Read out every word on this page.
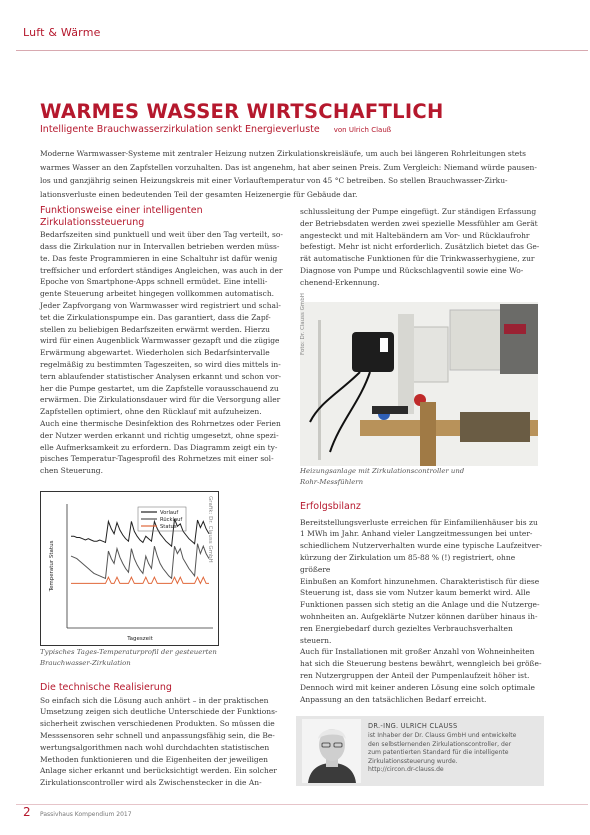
Luft & Wärme
WARMES WASSER WIRTSCHAFTLICH
Intelligente Brauchwasserzirkulation senkt Energieverluste von Ulrich Clauß
Moderne Warmwasser-Systeme mit zentraler Heizung nutzen Zirkulationskreisläufe, um auch bei längeren Rohrleitungen stets
warmes Wasser an den Zapfstellen vorzuhalten. Das ist angenehm, hat aber seinen Preis. Zum Vergleich: Niemand würde pausen-
los und ganzjährig seinen Heizungskreis mit einer Vorlauftemperatur von 45 °C betreiben. So stellen Brauchwasser-Zirku-
lationsverluste einen bedeutenden Teil der gesamten Heizenergie für Gebäude dar.
Funktionsweise einer intelligenten
Zirkulationssteuerung
Bedarfszeiten sind punktuell und weit über den Tag verteilt, so-
dass die Zirkulation nur in Intervallen betrieben werden müss-
te. Das feste Programmieren in eine Schaltuhr ist dafür wenig
treffsicher und erfordert ständiges Angleichen, was auch in der
Epoche von Smartphone-Apps schnell ermüdet. Eine intelli-
gente Steuerung arbeitet hingegen vollkommen automatisch.
Jeder Zapfvorgang von Warmwasser wird registriert und schal-
tet die Zirkulationspumpe ein. Das garantiert, dass die Zapf-
stellen zu beliebigen Bedarfszeiten erwärmt werden. Hierzu
wird für einen Augenblick Warmwasser gezapft und die zügige
Erwärmung abgewartet. Wiederholen sich Bedarfsintervalle
regelmäßig zu bestimmten Tageszeiten, so wird dies mittels in-
tern ablaufender statistischer Analysen erkannt und schon vor-
her die Pumpe gestartet, um die Zapfstelle vorausschauend zu
erwärmen. Die Zirkulationsdauer wird für die Versorgung aller
Zapfstellen optimiert, ohne den Rücklauf mit aufzuheizen.
Auch eine thermische Desinfektion des Rohrnetzes oder Ferien
der Nutzer werden erkannt und richtig umgesetzt, ohne spezi-
elle Aufmerksamkeit zu erfordern. Das Diagramm zeigt ein ty-
pisches Temperatur-Tagesprofil des Rohrnetzes mit einer sol-
chen Steuerung.
Vorlauf
Rücklauf
Status
Tageszeit
Temperatur Status
Grafik: Dr. Clauss GmbH
Typisches Tages-Temperaturprofil der gesteuerten
Brauchwasser-Zirkulation
Die technische Realisierung
So einfach sich die Lösung auch anhört – in der praktischen
Umsetzung zeigen sich deutliche Unterschiede der Funktions-
sicherheit zwischen verschiedenen Produkten. So müssen die
Messsensoren sehr schnell und anpassungsfähig sein, die Be-
wertungsalgorithmen nach wohl durchdachten statistischen
Methoden funktionieren und die Eigenheiten der jeweiligen
Anlage sicher erkannt und berücksichtigt werden. Ein solcher
Zirkulationscontroller wird als Zwischenstecker in die An-
schlussleitung der Pumpe eingefügt. Zur ständigen Erfassung
der Betriebsdaten werden zwei spezielle Messfühler am Gerät
angesteckt und mit Haltebändern am Vor- und Rücklaufrohr
befestigt. Mehr ist nicht erforderlich. Zusätzlich bietet das Ge-
rät automatische Funktionen für die Trinkwasserhygiene, zur
Diagnose von Pumpe und Rückschlagventil sowie eine Wo-
chenend-Erkennung.
Foto: Dr. Clauss GmbH
Heizungsanlage mit Zirkulationscontroller und
Rohr-Messfühlern
Erfolgsbilanz
Bereitstellungsverluste erreichen für Einfamilienhäuser bis zu
1 MWh im Jahr. Anhand vieler Langzeitmessungen bei unter-
schiedlichem Nutzerverhalten wurde eine typische Laufzeitver-
kürzung der Zirkulation um 85-88 % (!) registriert, ohne größere
Einbußen an Komfort hinzunehmen. Charakteristisch für diese
Steuerung ist, dass sie vom Nutzer kaum bemerkt wird. Alle
Funktionen passen sich stetig an die Anlage und die Nutzerge-
wohnheiten an. Aufgeklärte Nutzer können darüber hinaus ih-
ren Energiebedarf durch gezieltes Verbrauchsverhalten steuern.
Auch für Installationen mit großer Anzahl von Wohneinheiten
hat sich die Steuerung bestens bewährt, wenngleich bei größe-
ren Nutzergruppen der Anteil der Pumpenlaufzeit höher ist.
Dennoch wird mit keiner anderen Lösung eine solch optimale
Anpassung an den tatsächlichen Bedarf erreicht.
DR.-ING. ULRICH CLAUSS
ist Inhaber der Dr. Clauss GmbH und entwickelte
den selbstlernenden Zirkulationscontroller, der
zum patentierten Standard für die intelligente
Zirkulationssteuerung wurde.
http://circon.dr-clauss.de
2 Passivhaus Kompendium 2017
